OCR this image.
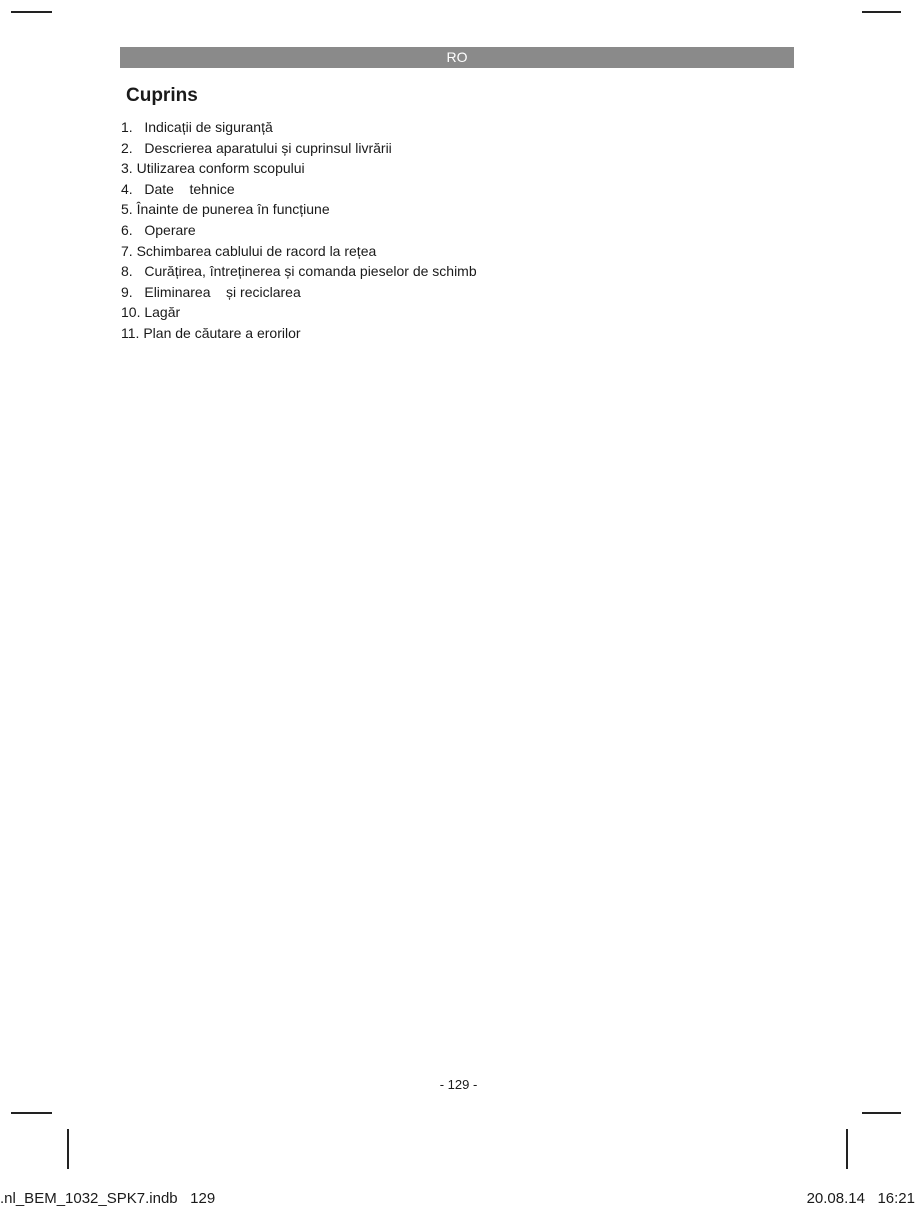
RO
Cuprins
1. Indicații de siguranță
2. Descrierea aparatului și cuprinsul livrării
3. Utilizarea conform scopului
4. Date    tehnice
5. Înainte de punerea în funcțiune
6. Operare
7. Schimbarea cablului de racord la rețea
8. Curățirea, întreținerea și comanda pieselor de schimb
9. Eliminarea    și reciclarea
10. Lagăr
11. Plan de căutare a erorilor
- 129 -
.nl_BEM_1032_SPK7.indb   129	20.08.14   16:21
